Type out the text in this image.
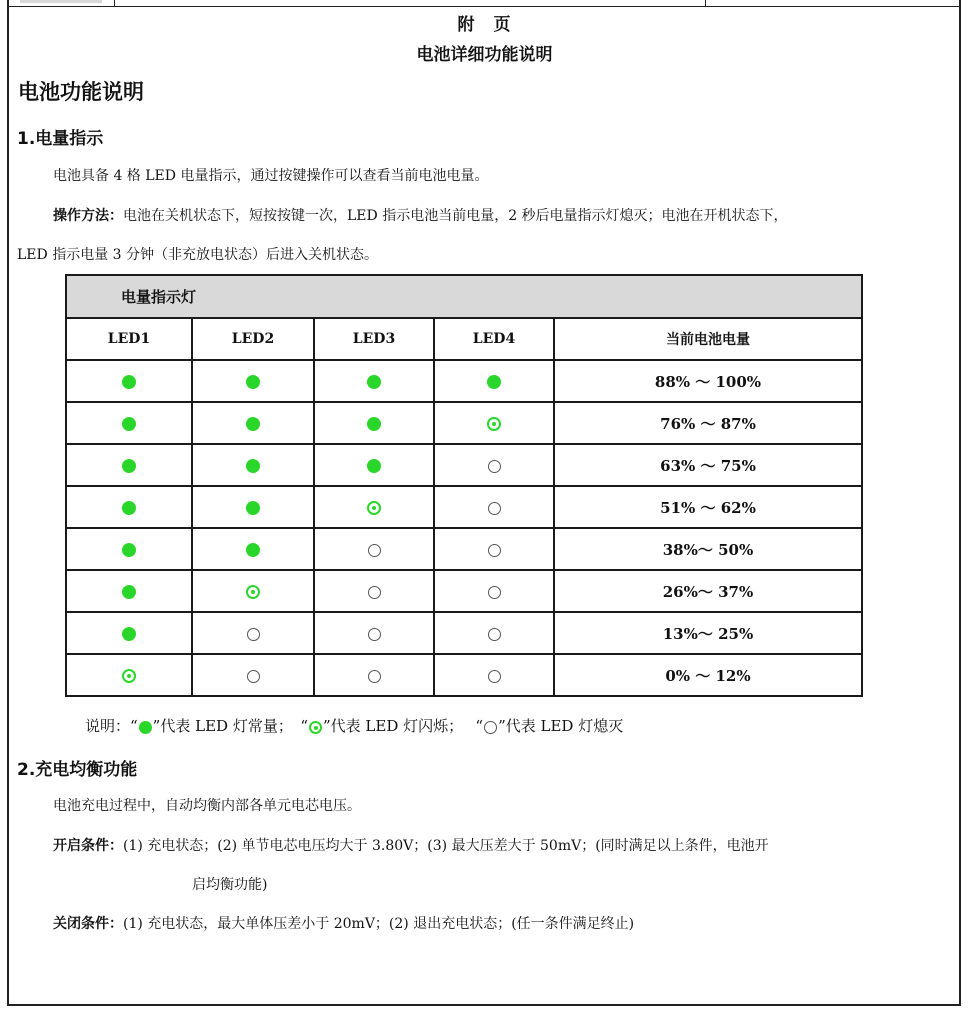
附　页
电池详细功能说明
电池功能说明
1.电量指示
电池具备 4 格 LED 电量指示，通过按键操作可以查看当前电池电量。
操作方法：电池在关机状态下，短按按键一次，LED 指示电池当前电量，2 秒后电量指示灯熄灭；电池在开机状态下，
LED 指示电量 3 分钟（非充放电状态）后进入关机状态。
电量指示灯				
LED1	LED2	LED3	LED4	当前电池电量
				88% ～ 100%
				76% ～ 87%
				63% ～ 75%
				51% ～ 62%
				38%～ 50%
				26%～ 37%
				13%～ 25%
				0% ～ 12%
说明：“ ”代表 LED 灯常量；　“ ”代表 LED 灯闪烁；　 “ ”代表 LED 灯熄灭
2.充电均衡功能
电池充电过程中，自动均衡内部各单元电芯电压。
开启条件：(1) 充电状态；(2) 单节电芯电压均大于 3.80V；(3) 最大压差大于 50mV；(同时满足以上条件，电池开
启均衡功能)
关闭条件：(1) 充电状态，最大单体压差小于 20mV；(2) 退出充电状态；(任一条件满足终止)
